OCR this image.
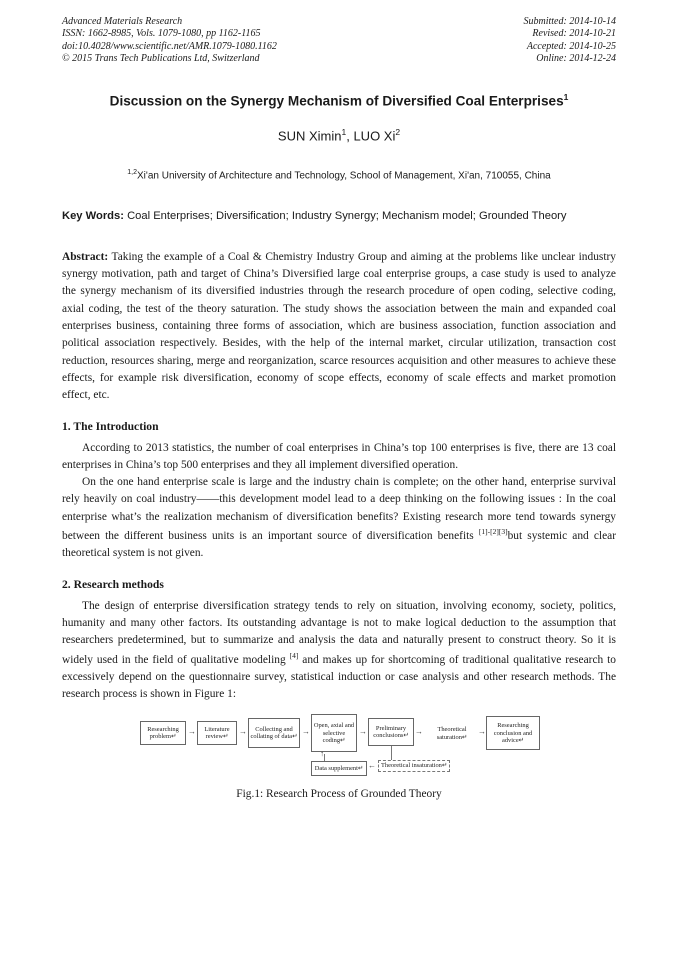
Advanced Materials Research
ISSN: 1662-8985, Vols. 1079-1080, pp 1162-1165
doi:10.4028/www.scientific.net/AMR.1079-1080.1162
© 2015 Trans Tech Publications Ltd, Switzerland
Submitted: 2014-10-14
Revised: 2014-10-21
Accepted: 2014-10-25
Online: 2014-12-24
Discussion on the Synergy Mechanism of Diversified Coal Enterprises$^1$
SUN Ximin$^1$, LUO Xi$^2$
$^{1,2}$Xi'an University of Architecture and Technology, School of Management, Xi'an, 710055, China
Key Words: Coal Enterprises; Diversification; Industry Synergy; Mechanism model; Grounded Theory
Abstract: Taking the example of a Coal & Chemistry Industry Group and aiming at the problems like unclear industry synergy motivation, path and target of China’s Diversified large coal enterprise groups, a case study is used to analyze the synergy mechanism of its diversified industries through the research procedure of open coding, selective coding, axial coding, the test of the theory saturation. The study shows the association between the main and expanded coal enterprises business, containing three forms of association, which are business association, function association and political association respectively. Besides, with the help of the internal market, circular utilization, transaction cost reduction, resources sharing, merge and reorganization, scarce resources acquisition and other measures to achieve these effects, for example risk diversification, economy of scope effects, economy of scale effects and market promotion effect, etc.
1. The Introduction

According to 2013 statistics, the number of coal enterprises in China’s top 100 enterprises is five, there are 13 coal enterprises in China’s top 500 enterprises and they all implement diversified operation.

On the one hand enterprise scale is large and the industry chain is complete; on the other hand, enterprise survival rely heavily on coal industry——this development model lead to a deep thinking on the following issues : In the coal enterprise what’s the realization mechanism of diversification benefits? Existing research more tend towards synergy between the different business units is an important source of diversification benefits [1]-[2][3]but systemic and clear theoretical system is not given.

2. Research methods

The design of enterprise diversification strategy tends to rely on situation, involving economy, society, politics, humanity and many other factors. Its outstanding advantage is not to make logical deduction to the assumption that researchers predetermined, but to summarize and analysis the data and naturally present to construct theory. So it is widely used in the field of qualitative modeling [4] and makes up for shortcoming of traditional qualitative research to excessively depend on the questionnaire survey, statistical induction or case analysis and other research methods. The research process is shown in Figure 1:

Researching problem↵
→	Literature review↵
→	Collecting and collating of data↵
→
Open, axial and selective coding↵
→	Preliminary conclusions↵ →	Theoretical saturation↵
→
Researching conclusion and advice↵
Theoretical insaturation↵
←
Data supplement↵
↑
Fig.1: Research Process of Grounded Theory
